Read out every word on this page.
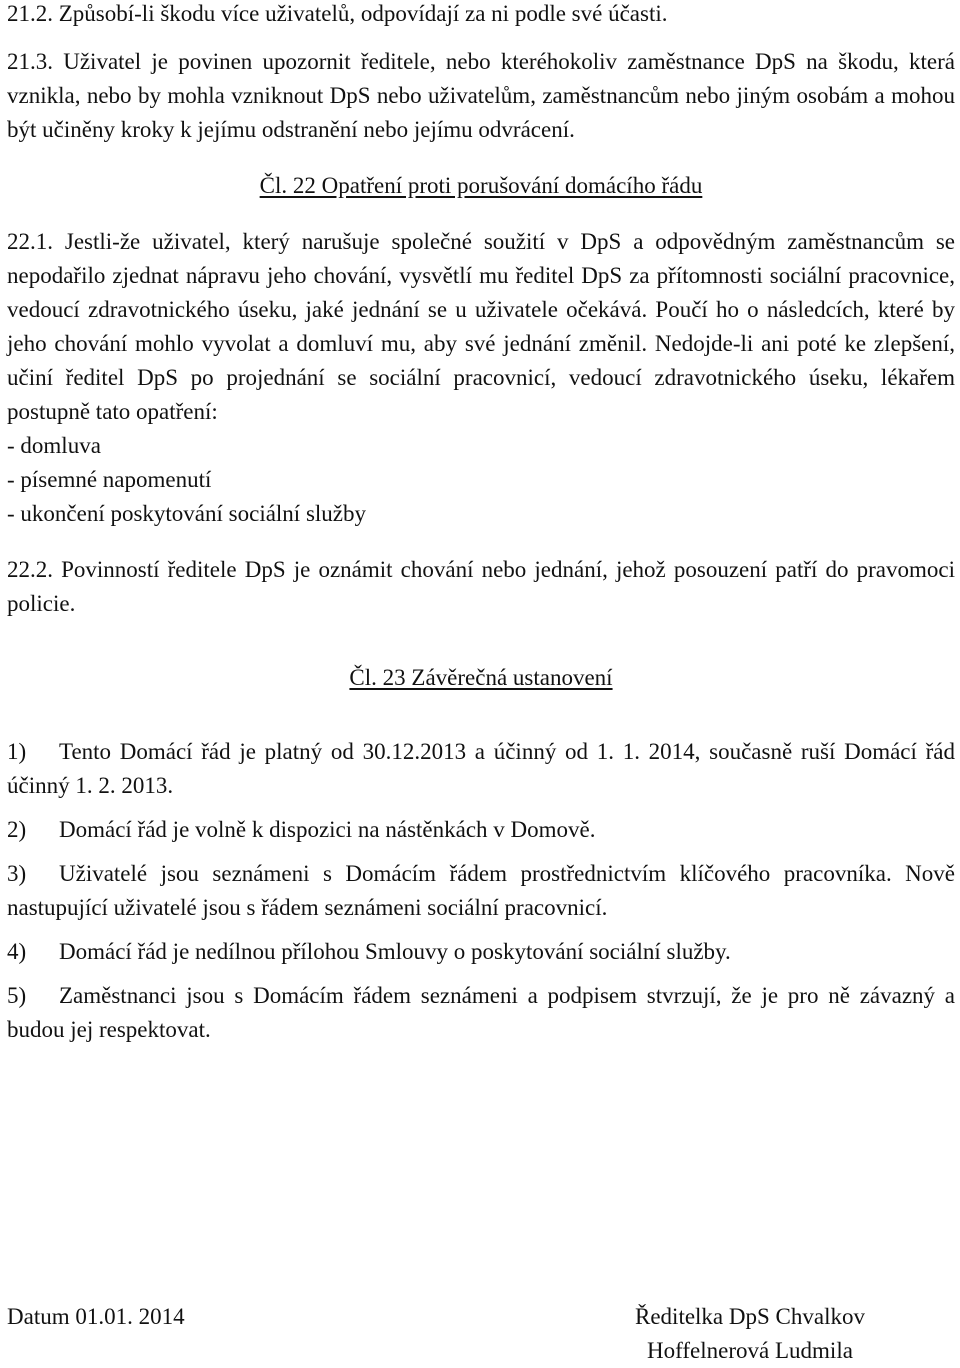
21.2. Způsobí-li škodu více uživatelů, odpovídají za ni podle své účasti.

21.3. Uživatel je povinen upozornit ředitele, nebo kteréhokoliv zaměstnance DpS na škodu, která vznikla, nebo by mohla vzniknout DpS nebo uživatelům, zaměstnancům nebo jiným osobám a mohou být učiněny kroky k jejímu odstranění nebo jejímu odvrácení.

Čl. 22 Opatření proti porušování domácího řádu

22.1. Jestli-že uživatel, který narušuje společné soužití v DpS a odpovědným zaměstnancům se nepodařilo zjednat nápravu jeho chování, vysvětlí mu ředitel DpS za přítomnosti sociální pracovnice, vedoucí zdravotnického úseku, jaké jednání se u uživatele očekává. Poučí ho o následcích, které by jeho chování mohlo vyvolat a domluví mu, aby své jednání změnil. Nedojde-li ani poté ke zlepšení, učiní ředitel DpS po projednání se sociální pracovnicí, vedoucí zdravotnického úseku, lékařem postupně tato opatření:

- domluva

- písemné napomenutí

- ukončení poskytování sociální služby

22.2. Povinností ředitele DpS je oznámit chování nebo jednání, jehož posouzení patří do pravomoci policie.

Čl. 23 Závěrečná ustanovení

1) Tento Domácí řád je platný od 30.12.2013 a účinný od 1. 1. 2014, současně ruší Domácí řád účinný 1. 2. 2013.

2) Domácí řád je volně k dispozici na nástěnkách v Domově.

3) Uživatelé jsou seznámeni s Domácím řádem prostřednictvím klíčového pracovníka. Nově nastupující uživatelé jsou s řádem seznámeni sociální pracovnicí.

4) Domácí řád je nedílnou přílohou Smlouvy o poskytování sociální služby.

5) Zaměstnanci jsou s Domácím řádem seznámeni a podpisem stvrzují, že je pro ně závazný a budou jej respektovat.

Datum 01.01. 2014	Ředitelka DpS Chvalkov
Hoffelnerová Ludmila
